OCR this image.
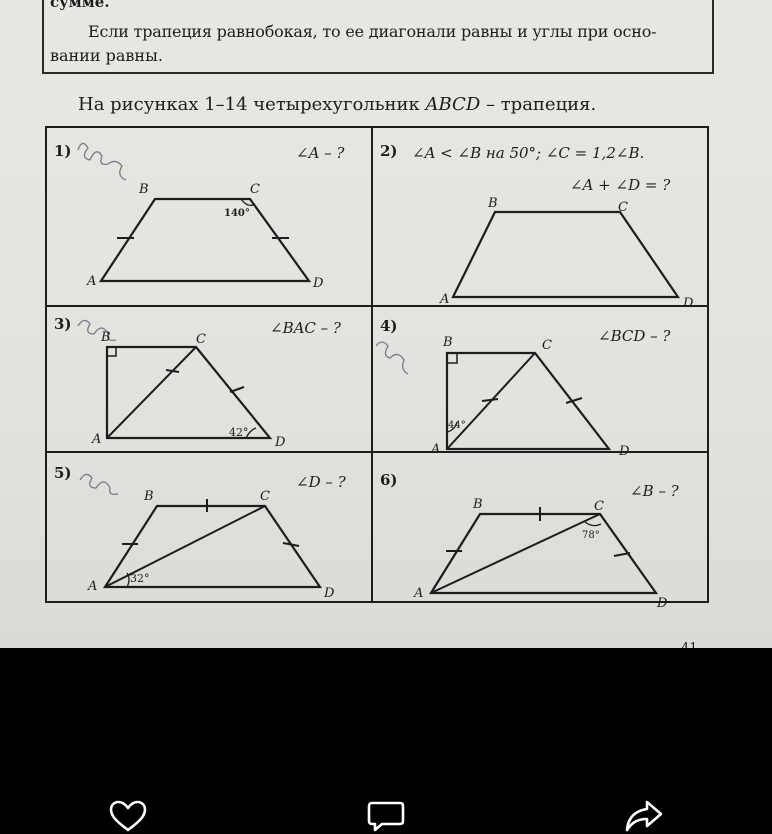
сумме.
Если трапеция равнобокая, то ее диагонали равны и углы при осно-
вании равны.
На рисунках 1–14 четырехугольник ABCD – трапеция.
1)	∠A – ?
140°
A
B	C
D
2) ∠A < ∠B на 50°; ∠C = 1,2∠B.
∠A + ∠D = ?
A
B	C
D
3)	∠BAC – ?
42°
A
B	C
D
4)
∠BCD – ?
44°
A
B	C
D
5)	∠D – ?
32°
A
B	C
D
6)
∠B – ?
78°
A
B	C
D
